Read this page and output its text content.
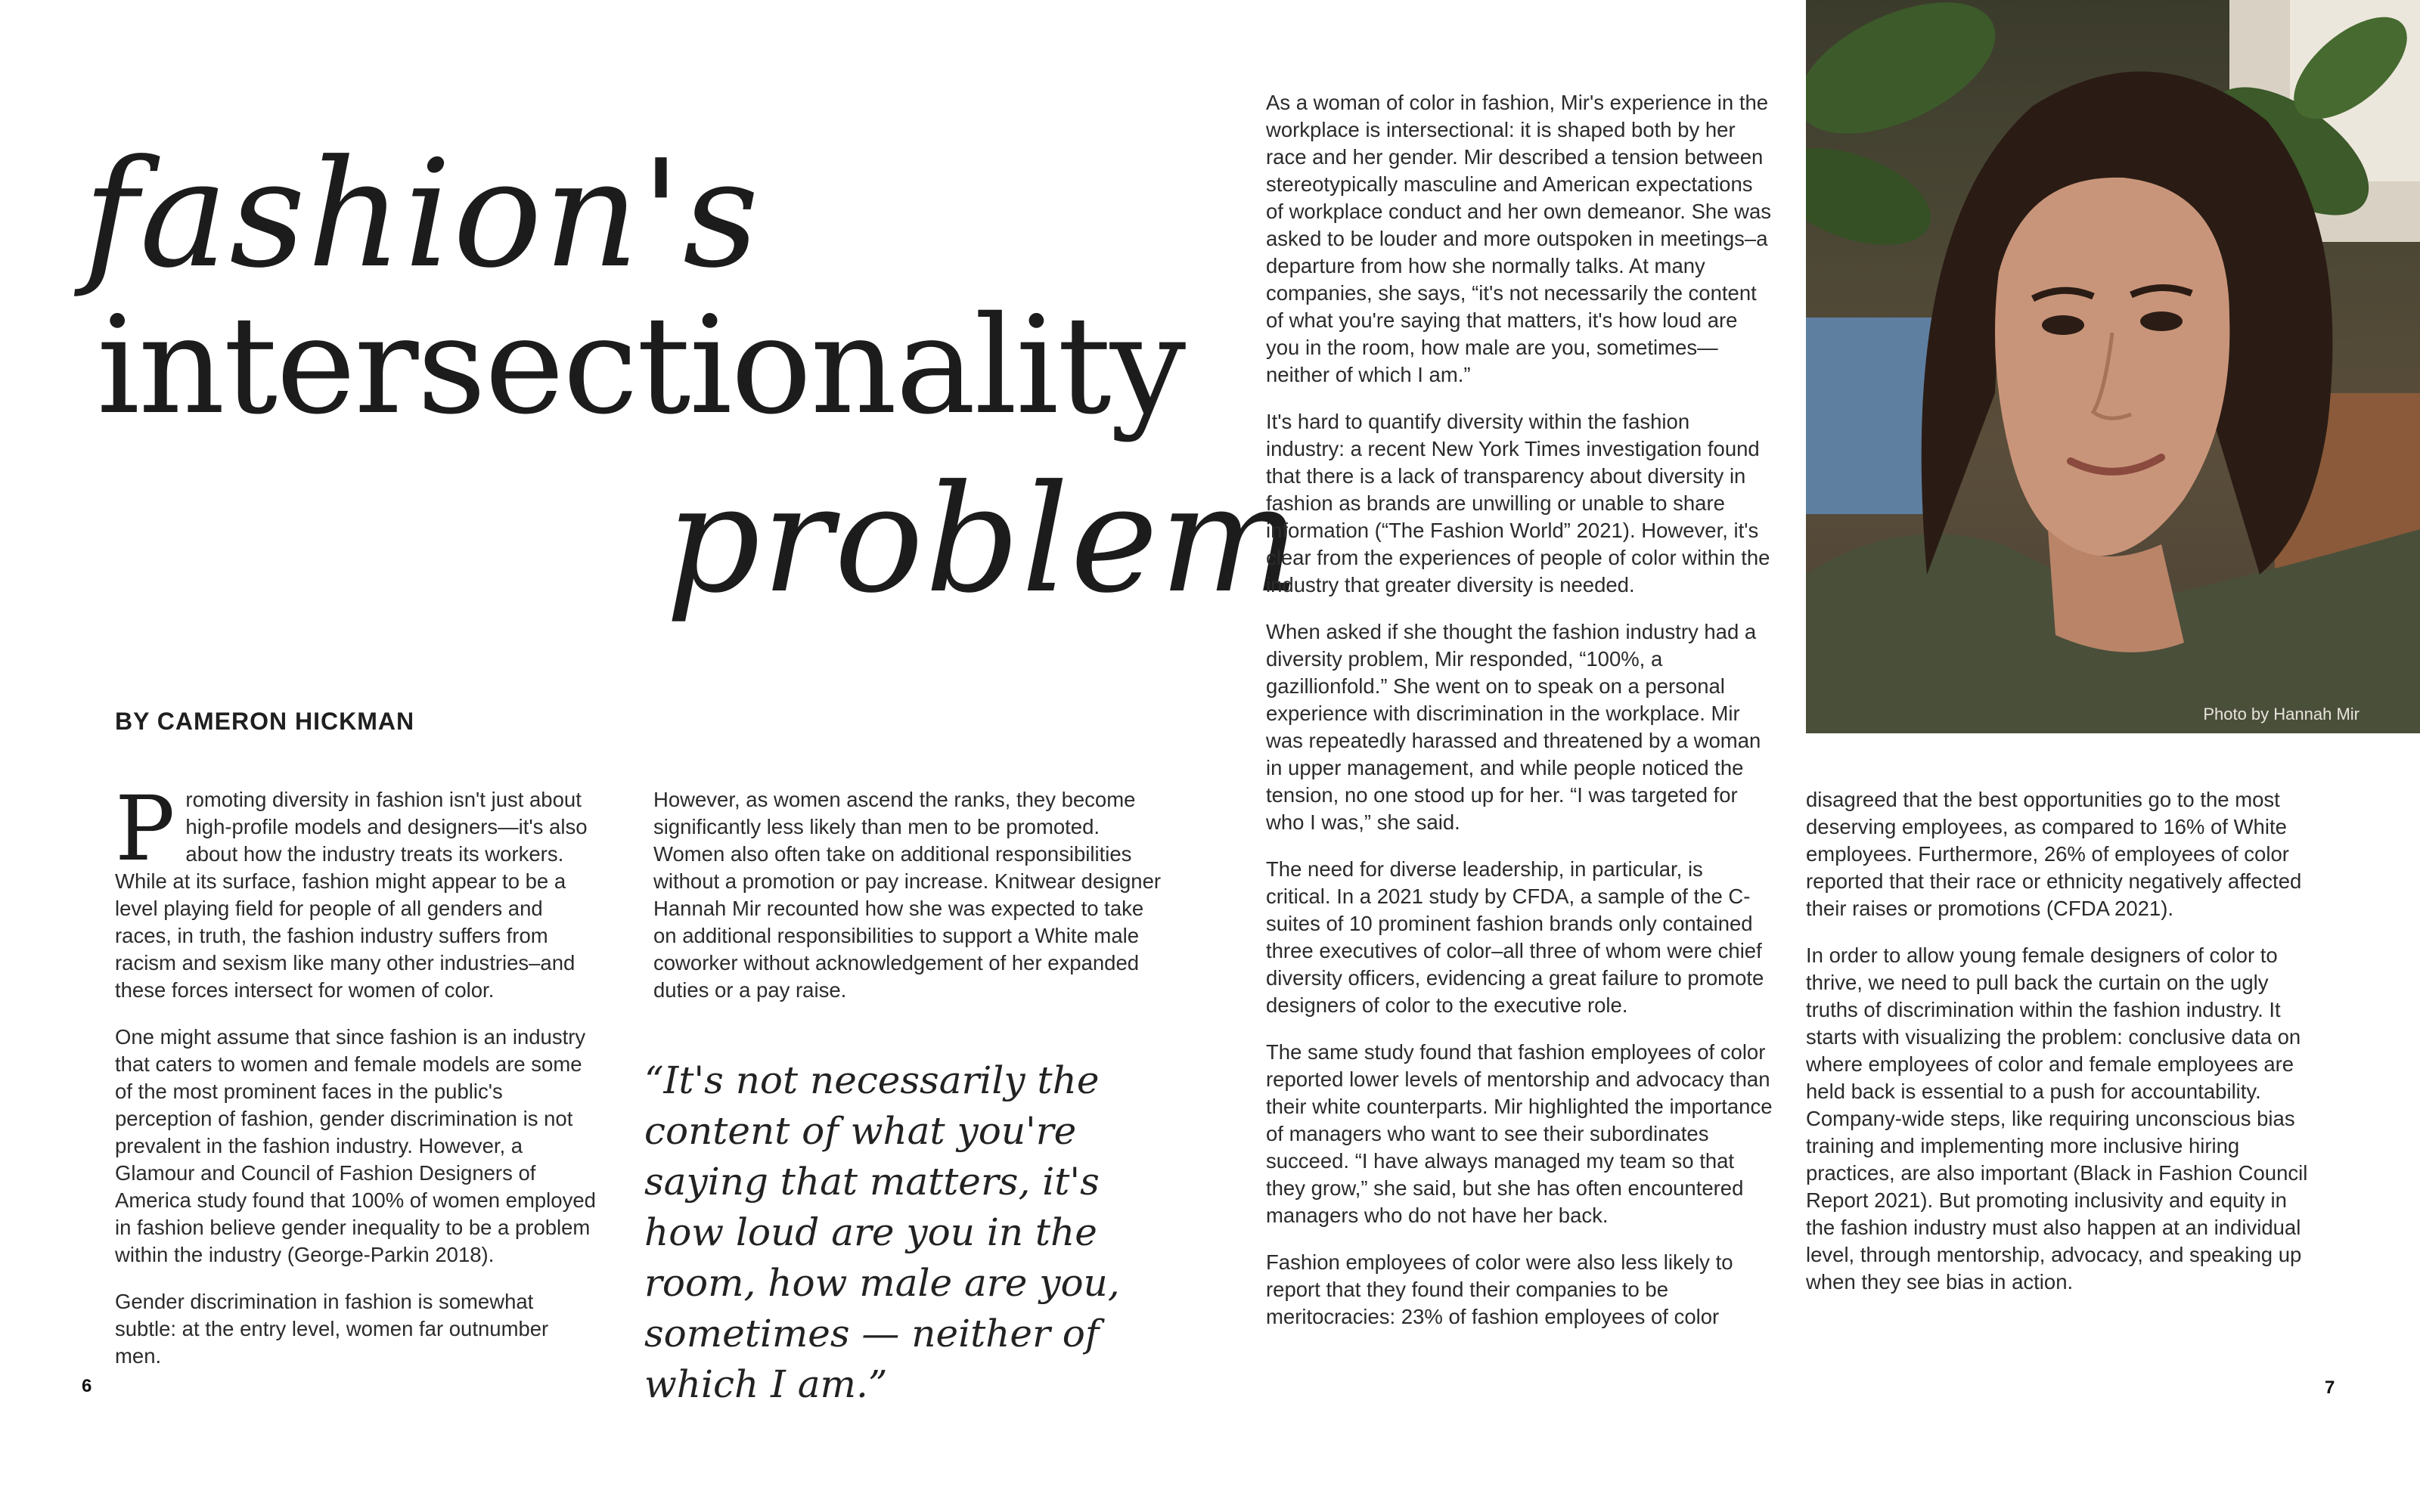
fashion's
intersectionality
problem
BY CAMERON HICKMAN

Promoting diversity in fashion isn't just about high-profile models and designers—it's also about how the industry treats its workers. While at its surface, fashion might appear to be a level playing field for people of all genders and races, in truth, the fashion industry suffers from racism and sexism like many other industries–and these forces intersect for women of color.

One might assume that since fashion is an industry that caters to women and female models are some of the most prominent faces in the public's perception of fashion, gender discrimination is not prevalent in the fashion industry. However, a Glamour and Council of Fashion Designers of America study found that 100% of women employed in fashion believe gender inequality to be a problem within the industry (George-Parkin 2018).

Gender discrimination in fashion is somewhat subtle: at the entry level, women far outnumber men.

However, as women ascend the ranks, they become significantly less likely than men to be promoted. Women also often take on additional responsibilities without a promotion or pay increase. Knitwear designer Hannah Mir recounted how she was expected to take on additional responsibilities to support a White male coworker without acknowledgement of her expanded duties or a pay raise.

“It's not necessarily the content of what you're saying that matters, it's how loud are you in the room, how male are you, sometimes — neither of which I am.”

As a woman of color in fashion, Mir's experience in the workplace is intersectional: it is shaped both by her race and her gender. Mir described a tension between stereotypically masculine and American expectations of workplace conduct and her own demeanor. She was asked to be louder and more outspoken in meetings–a departure from how she normally talks. At many companies, she says, “it's not necessarily the content of what you're saying that matters, it's how loud are you in the room, how male are you, sometimes—neither of which I am.”

It's hard to quantify diversity within the fashion industry: a recent New York Times investigation found that there is a lack of transparency about diversity in fashion as brands are unwilling or unable to share information (“The Fashion World” 2021). However, it's clear from the experiences of people of color within the industry that greater diversity is needed.

When asked if she thought the fashion industry had a diversity problem, Mir responded, “100%, a gazillionfold.” She went on to speak on a personal experience with discrimination in the workplace. Mir was repeatedly harassed and threatened by a woman in upper management, and while people noticed the tension, no one stood up for her. “I was targeted for who I was,” she said.

The need for diverse leadership, in particular, is critical. In a 2021 study by CFDA, a sample of the C-suites of 10 prominent fashion brands only contained three executives of color–all three of whom were chief diversity officers, evidencing a great failure to promote designers of color to the executive role.

The same study found that fashion employees of color reported lower levels of mentorship and advocacy than their white counterparts. Mir highlighted the importance of managers who want to see their subordinates succeed. “I have always managed my team so that they grow,” she said, but she has often encountered managers who do not have her back.

Fashion employees of color were also less likely to report that they found their companies to be meritocracies: 23% of fashion employees of color

Photo by Hannah Mir

disagreed that the best opportunities go to the most deserving employees, as compared to 16% of White employees. Furthermore, 26% of employees of color reported that their race or ethnicity negatively affected their raises or promotions (CFDA 2021).

In order to allow young female designers of color to thrive, we need to pull back the curtain on the ugly truths of discrimination within the fashion industry. It starts with visualizing the problem: conclusive data on where employees of color and female employees are held back is essential to a push for accountability. Company-wide steps, like requiring unconscious bias training and implementing more inclusive hiring practices, are also important (Black in Fashion Council Report 2021). But promoting inclusivity and equity in the fashion industry must also happen at an individual level, through mentorship, advocacy, and speaking up when they see bias in action.

6	7
